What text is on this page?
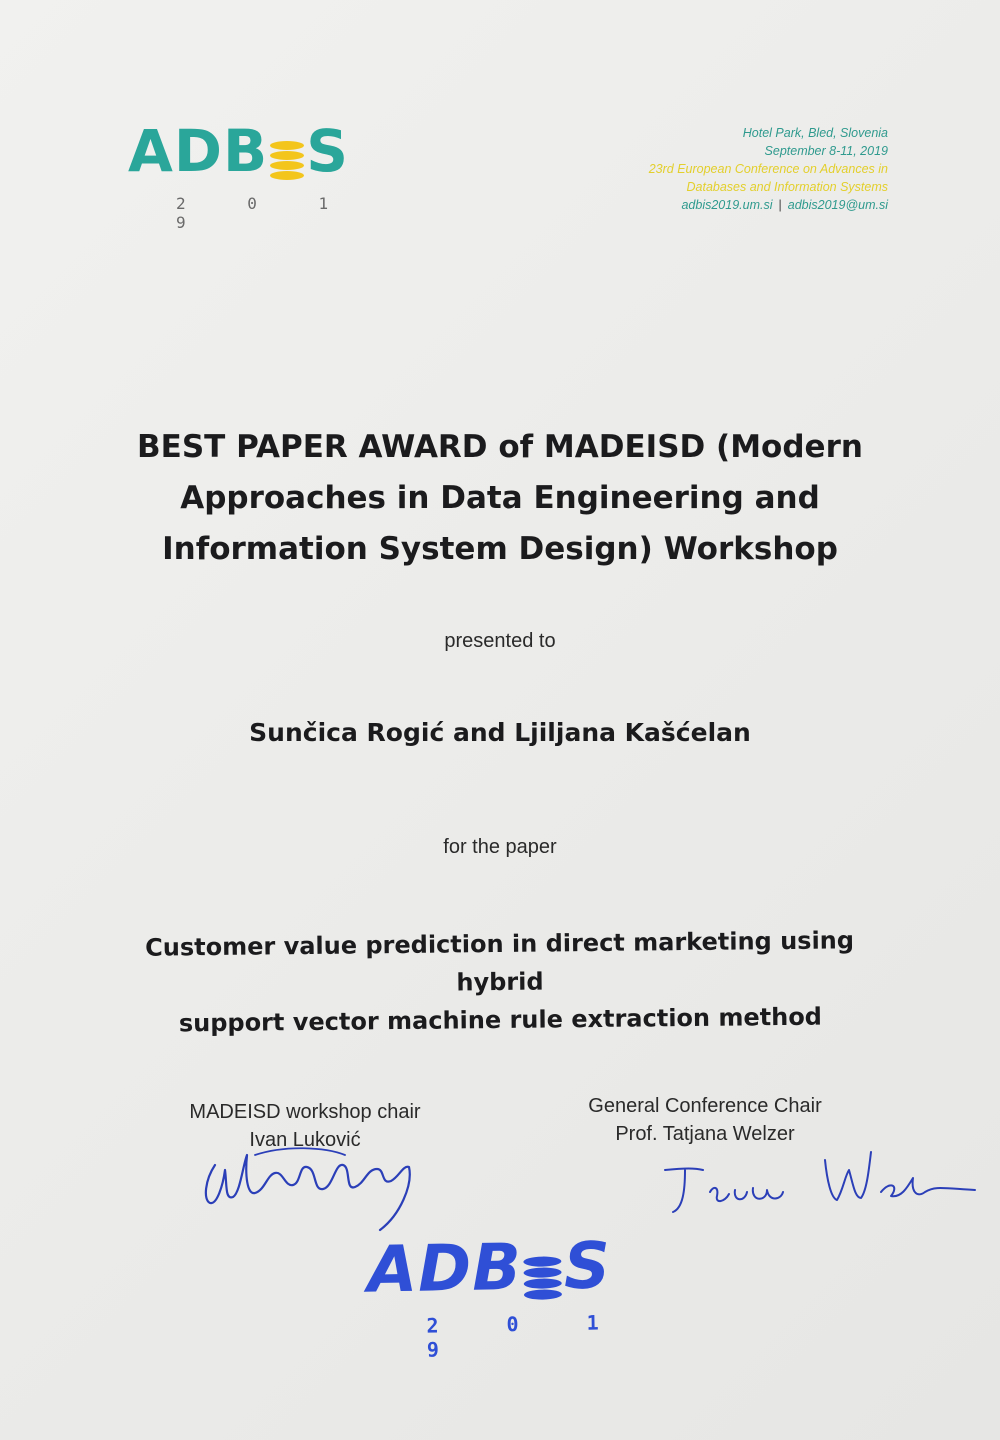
ADB S
2 0 1 9
Hotel Park, Bled, Slovenia
September 8-11, 2019
23rd European Conference on Advances in
Databases and Information Systems
adbis2019.um.si | adbis2019@um.si
BEST PAPER AWARD of MADEISD (Modern
Approaches in Data Engineering and
Information System Design) Workshop
presented to
Sunčica Rogić and Ljiljana Kašćelan
for the paper
Customer value prediction in direct marketing using hybrid
support vector machine rule extraction method
MADEISD workshop chair
Ivan Luković
General Conference Chair
Prof. Tatjana Welzer
ADB S
2 0 1 9
